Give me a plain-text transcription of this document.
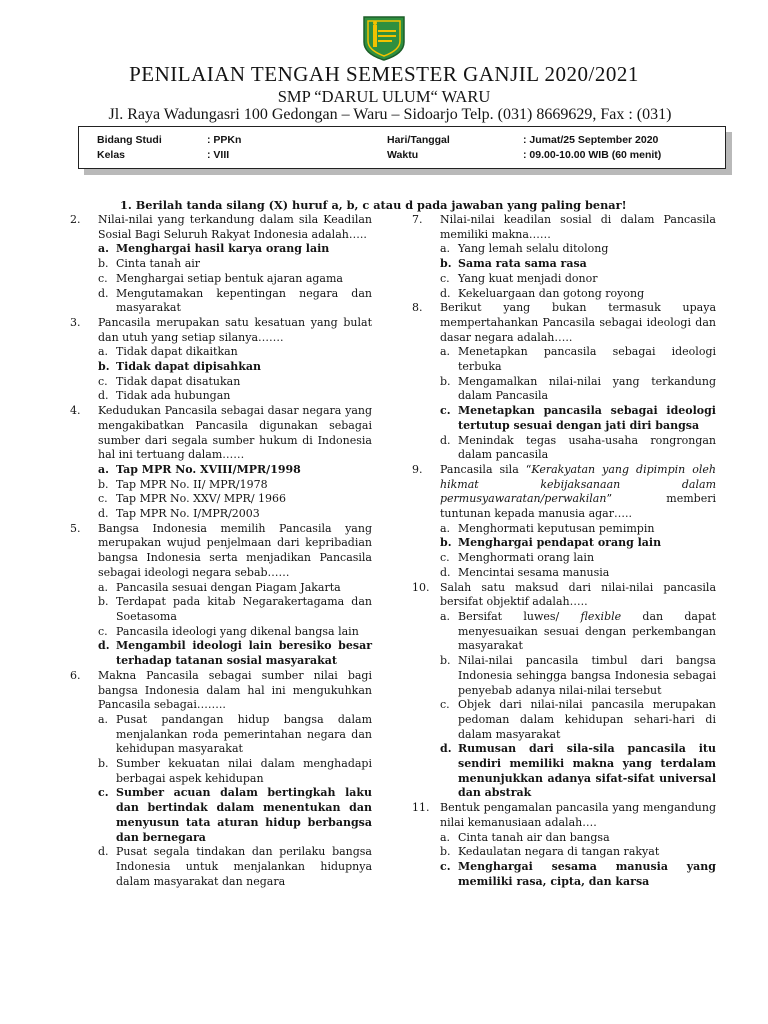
PENILAIAN TENGAH SEMESTER GANJIL 2020/2021
SMP “DARUL ULUM“ WARU
Jl. Raya Wadungasri 100 Gedongan – Waru – Sidoarjo Telp. (031) 8669629, Fax : (031)
Bidang Studi	: PPKn
Kelas	: VIII
Hari/Tanggal	: Jumat/25 September 2020
Waktu	: 09.00-10.00 WIB (60 menit)
1. Berilah tanda silang (X) huruf a, b, c atau d pada jawaban yang paling benar!
2. Nilai-nilai yang terkandung dalam sila Keadilan Sosial Bagi Seluruh Rakyat Indonesia adalah…..
a. Menghargai hasil karya orang lain
b. Cinta tanah air
c. Menghargai setiap bentuk ajaran agama
d. Mengutamakan kepentingan negara dan masyarakat
3. Pancasila merupakan satu kesatuan yang bulat dan utuh yang setiap silanya…….
a. Tidak dapat dikaitkan
b. Tidak dapat dipisahkan
c. Tidak dapat disatukan
d. Tidak ada hubungan
4. Kedudukan Pancasila sebagai dasar negara yang mengakibatkan Pancasila digunakan sebagai sumber dari segala sumber hukum di Indonesia hal ini tertuang dalam……
a. Tap MPR No. XVIII/MPR/1998
b. Tap MPR No. II/ MPR/1978
c. Tap MPR No. XXV/ MPR/ 1966
d. Tap MPR No. I/MPR/2003
5. Bangsa Indonesia memilih Pancasila yang merupakan wujud penjelmaan dari kepribadian bangsa Indonesia serta menjadikan Pancasila sebagai ideologi negara sebab……
a. Pancasila sesuai dengan Piagam Jakarta
b. Terdapat pada kitab Negarakertagama dan Soetasoma
c. Pancasila ideologi yang dikenal bangsa lain
d. Mengambil ideologi lain beresiko besar terhadap tatanan sosial masyarakat
6. Makna Pancasila sebagai sumber nilai bagi bangsa Indonesia dalam hal ini mengukuhkan Pancasila sebagai……..
a. Pusat pandangan hidup bangsa dalam menjalankan roda pemerintahan negara dan kehidupan masyarakat
b. Sumber kekuatan nilai dalam menghadapi berbagai aspek kehidupan
c. Sumber acuan dalam bertingkah laku dan bertindak dalam menentukan dan menyusun tata aturan hidup berbangsa dan bernegara
d. Pusat segala tindakan dan perilaku bangsa Indonesia untuk menjalankan hidupnya dalam masyarakat dan negara
7. Nilai-nilai keadilan sosial di dalam Pancasila memiliki makna……
a. Yang lemah selalu ditolong
b. Sama rata sama rasa
c. Yang kuat menjadi donor
d. Kekeluargaan dan gotong royong
8. Berikut yang bukan termasuk upaya mempertahankan Pancasila sebagai ideologi dan dasar negara adalah…..
a. Menetapkan pancasila sebagai ideologi terbuka
b. Mengamalkan nilai-nilai yang terkandung dalam Pancasila
c. Menetapkan pancasila sebagai ideologi tertutup sesuai dengan jati diri bangsa
d. Menindak tegas usaha-usaha rongrongan dalam pancasila
9. Pancasila sila “Kerakyatan yang dipimpin oleh hikmat kebijaksanaan dalam permusyawaratan/perwakilan” memberi tuntunan kepada manusia agar…..
a. Menghormati keputusan pemimpin
b. Menghargai pendapat orang lain
c. Menghormati orang lain
d. Mencintai sesama manusia
10. Salah satu maksud dari nilai-nilai pancasila bersifat objektif adalah…..
a. Bersifat luwes/ flexible dan dapat menyesuaikan sesuai dengan perkembangan masyarakat
b. Nilai-nilai pancasila timbul dari bangsa Indonesia sehingga bangsa Indonesia sebagai penyebab adanya nilai-nilai tersebut
c. Objek dari nilai-nilai pancasila merupakan pedoman dalam kehidupan sehari-hari di dalam masyarakat
d. Rumusan dari sila-sila pancasila itu sendiri memiliki makna yang terdalam menunjukkan adanya sifat-sifat universal dan abstrak
11. Bentuk pengamalan pancasila yang mengandung nilai kemanusiaan adalah….
a. Cinta tanah air dan bangsa
b. Kedaulatan negara di tangan rakyat
c. Menghargai sesama manusia yang memiliki rasa, cipta, dan karsa
